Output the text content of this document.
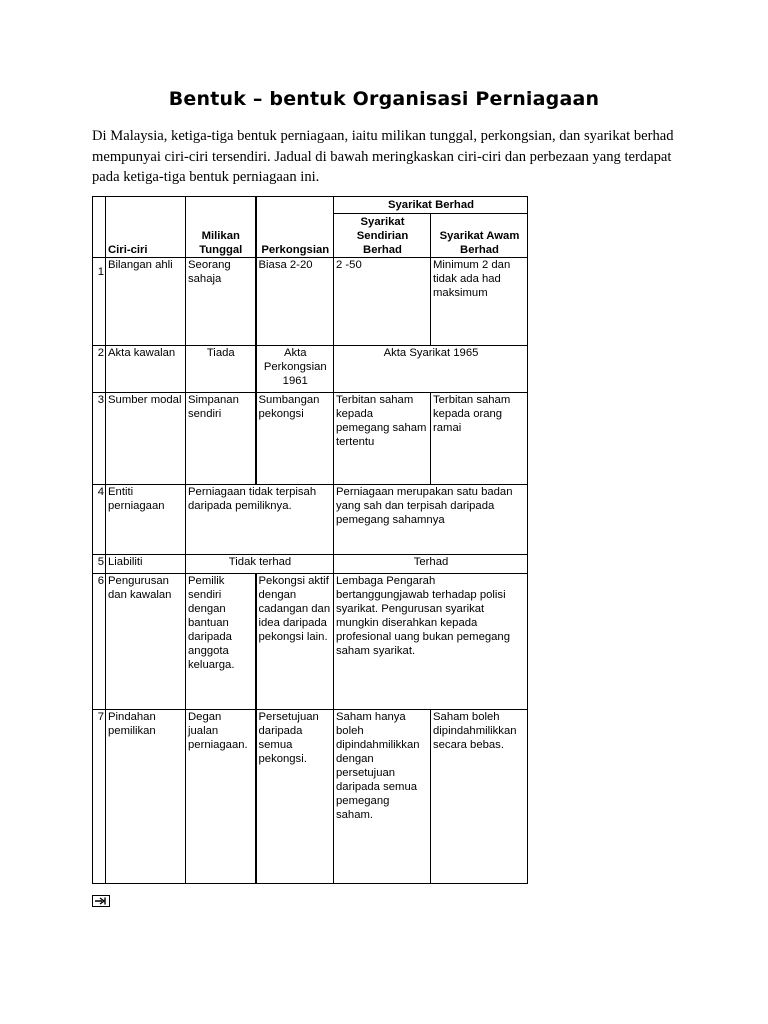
Bentuk – bentuk Organisasi Perniagaan
Di Malaysia, ketiga-tiga bentuk perniagaan, iaitu milikan tunggal, perkongsian, dan syarikat berhad mempunyai ciri-ciri tersendiri. Jadual di bawah meringkaskan ciri-ciri dan perbezaan yang terdapat pada ketiga-tiga bentuk perniagaan ini.
	Ciri-ciri	Milikan Tunggal	Perkongsian	Syarikat Berhad	
				Syarikat Sendirian Berhad	Syarikat Awam Berhad
1	Bilangan ahli	Seorang sahaja	Biasa 2-20	2 -50	Minimum 2 dan tidak ada had maksimum
2	Akta kawalan	Tiada	Akta Perkongsian 1961	Akta Syarikat 1965	
3	Sumber modal	Simpanan sendiri	Sumbangan pekongsi	Terbitan saham kepada pemegang saham tertentu	Terbitan saham kepada orang ramai
4	Entiti perniagaan	Perniagaan tidak terpisah daripada pemiliknya.		Perniagaan merupakan satu badan yang sah dan terpisah daripada pemegang sahamnya	
5	Liabiliti	Tidak terhad		Terhad	
6	Pengurusan dan kawalan	Pemilik sendiri dengan bantuan daripada anggota keluarga.	Pekongsi aktif dengan cadangan dan idea daripada pekongsi lain.	Lembaga Pengarah bertanggungjawab terhadap polisi syarikat. Pengurusan syarikat mungkin diserahkan kepada profesional uang bukan pemegang saham syarikat.	
7	Pindahan pemilikan	Degan jualan perniagaan.	Persetujuan daripada semua pekongsi.	Saham hanya boleh dipindahmilikkan dengan persetujuan daripada semua pemegang saham.	Saham boleh dipindahmilikkan secara bebas.
